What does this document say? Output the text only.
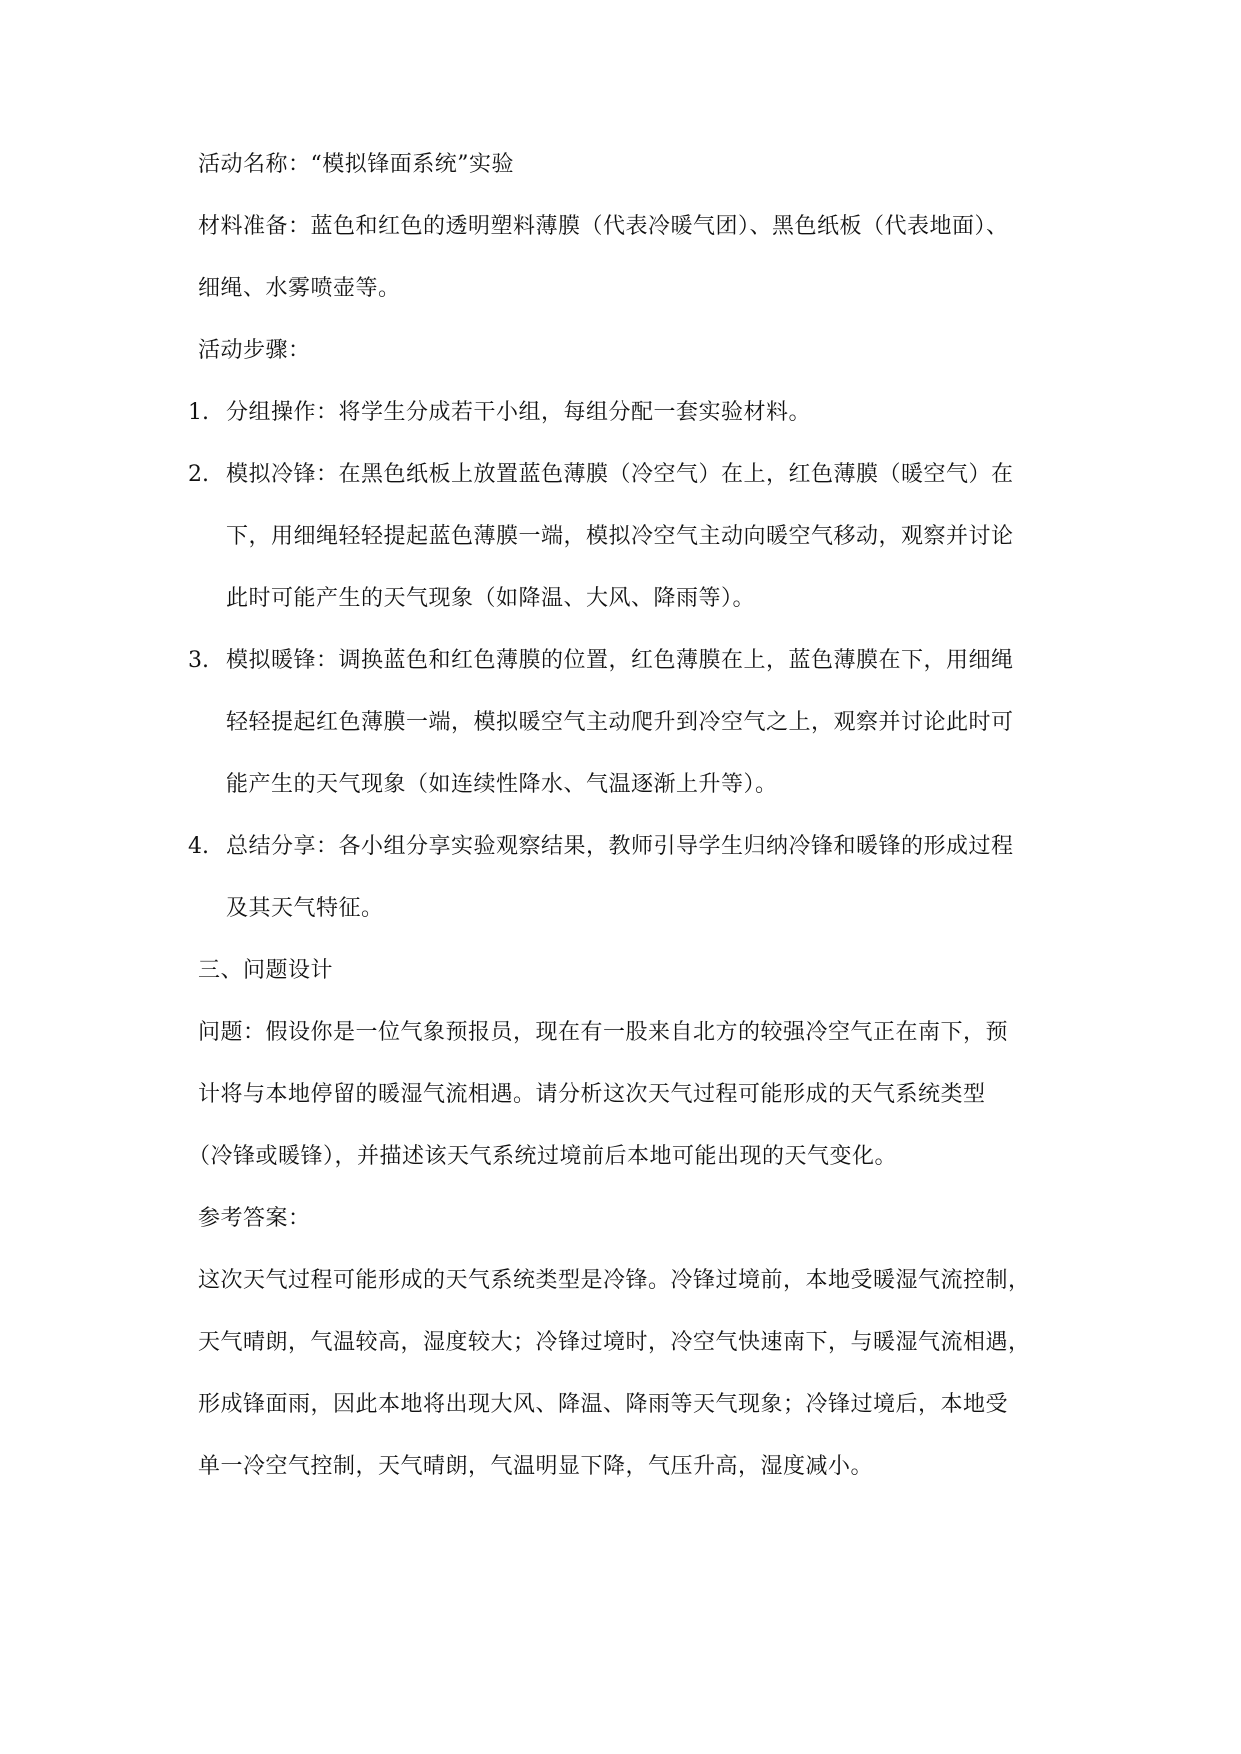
活动名称：“模拟锋面系统”实验
材料准备：蓝色和红色的透明塑料薄膜（代表冷暖气团）、黑色纸板（代表地面）、
细绳、水雾喷壶等。
活动步骤：
1. 分组操作：将学生分成若干小组，每组分配一套实验材料。
2. 模拟冷锋：在黑色纸板上放置蓝色薄膜（冷空气）在上，红色薄膜（暖空气）在
下，用细绳轻轻提起蓝色薄膜一端，模拟冷空气主动向暖空气移动，观察并讨论
此时可能产生的天气现象（如降温、大风、降雨等）。
3. 模拟暖锋：调换蓝色和红色薄膜的位置，红色薄膜在上，蓝色薄膜在下，用细绳
轻轻提起红色薄膜一端，模拟暖空气主动爬升到冷空气之上，观察并讨论此时可
能产生的天气现象（如连续性降水、气温逐渐上升等）。
4. 总结分享：各小组分享实验观察结果，教师引导学生归纳冷锋和暖锋的形成过程
及其天气特征。
三、问题设计
问题：假设你是一位气象预报员，现在有一股来自北方的较强冷空气正在南下，预
计将与本地停留的暖湿气流相遇。请分析这次天气过程可能形成的天气系统类型
（冷锋或暖锋），并描述该天气系统过境前后本地可能出现的天气变化。
参考答案：
这次天气过程可能形成的天气系统类型是冷锋。冷锋过境前，本地受暖湿气流控制，
天气晴朗，气温较高，湿度较大；冷锋过境时，冷空气快速南下，与暖湿气流相遇，
形成锋面雨，因此本地将出现大风、降温、降雨等天气现象；冷锋过境后，本地受
单一冷空气控制，天气晴朗，气温明显下降，气压升高，湿度减小。
